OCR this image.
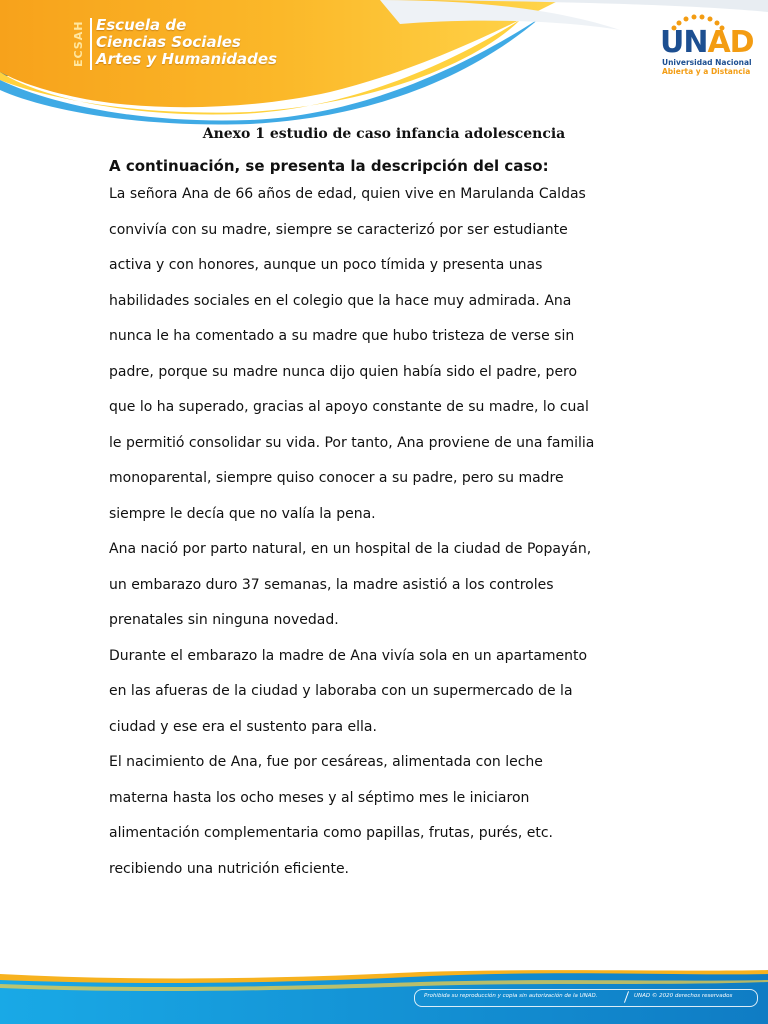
ECSAH Escuela de
Ciencias Sociales
Artes y Humanidades	UNAD
Universidad Nacional
Abierta y a Distancia
Anexo 1 estudio de caso infancia adolescencia
A continuación, se presenta la descripción del caso:
La señora Ana de 66 años de edad, quien vive en Marulanda Caldas
convivía con su madre, siempre se caracterizó por ser estudiante
activa y con honores, aunque un poco tímida y presenta unas
habilidades sociales en el colegio que la hace muy admirada. Ana
nunca le ha comentado a su madre que hubo tristeza de verse sin
padre, porque su madre nunca dijo quien había sido el padre, pero
que lo ha superado, gracias al apoyo constante de su madre, lo cual
le permitió consolidar su vida. Por tanto, Ana proviene de una familia
monoparental, siempre quiso conocer a su padre, pero su madre
siempre le decía que no valía la pena.
Ana nació por parto natural, en un hospital de la ciudad de Popayán,
un embarazo duro 37 semanas, la madre asistió a los controles
prenatales sin ninguna novedad.
Durante el embarazo la madre de Ana vivía sola en un apartamento
en las afueras de la ciudad y laboraba con un supermercado de la
ciudad y ese era el sustento para ella.
El nacimiento de Ana, fue por cesáreas, alimentada con leche
materna hasta los ocho meses y al séptimo mes le iniciaron
alimentación complementaria como papillas, frutas, purés, etc.
recibiendo una nutrición eficiente.
Prohibida su reproducción y copia sin autorización de la UNAD.	UNAD © 2020 derechos reservados
